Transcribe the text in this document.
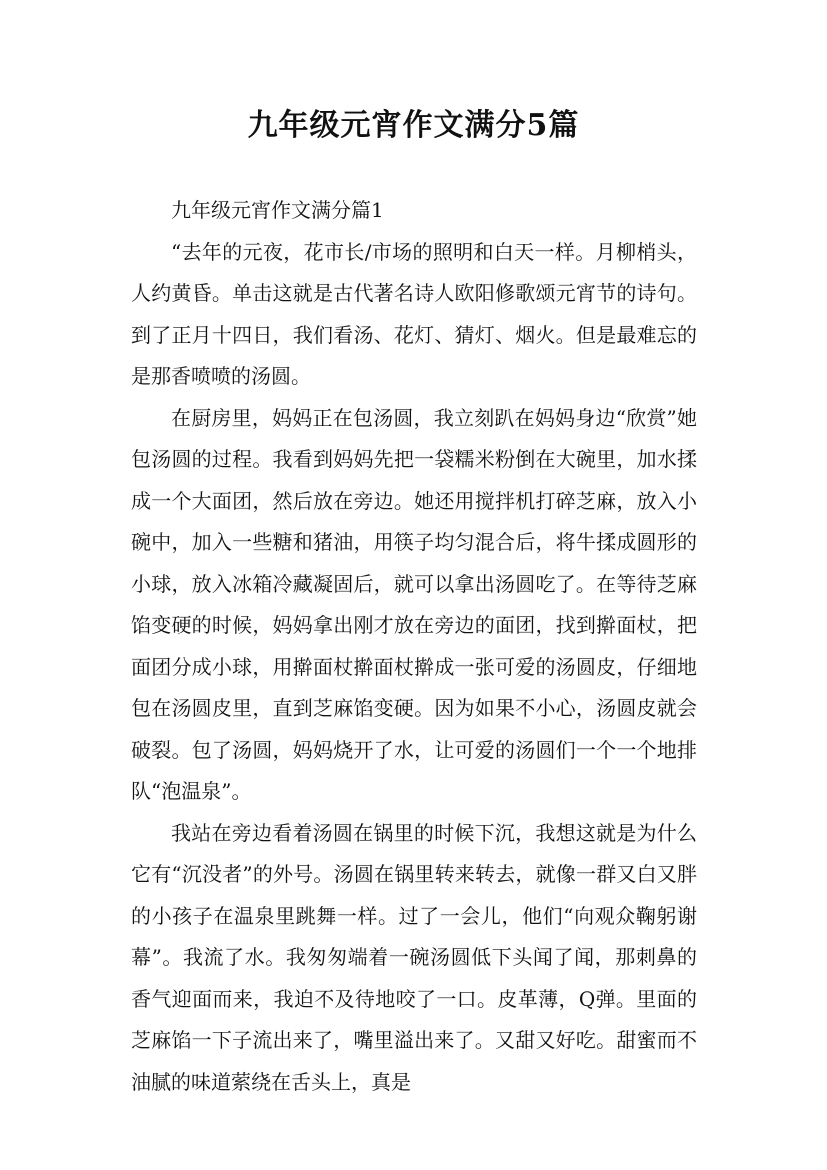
九年级元宵作文满分5篇

九年级元宵作文满分篇1

“去年的元夜，花市长/市场的照明和白天一样。月柳梢头，人约黄昏。单击这就是古代著名诗人欧阳修歌颂元宵节的诗句。到了正月十四日，我们看汤、花灯、猜灯、烟火。但是最难忘的是那香喷喷的汤圆。

在厨房里，妈妈正在包汤圆，我立刻趴在妈妈身边“欣赏”她包汤圆的过程。我看到妈妈先把一袋糯米粉倒在大碗里，加水揉成一个大面团，然后放在旁边。她还用搅拌机打碎芝麻，放入小碗中，加入一些糖和猪油，用筷子均匀混合后，将牛揉成圆形的小球，放入冰箱冷藏凝固后，就可以拿出汤圆吃了。在等待芝麻馅变硬的时候，妈妈拿出刚才放在旁边的面团，找到擀面杖，把面团分成小球，用擀面杖擀面杖擀成一张可爱的汤圆皮，仔细地包在汤圆皮里，直到芝麻馅变硬。因为如果不小心，汤圆皮就会破裂。包了汤圆，妈妈烧开了水，让可爱的汤圆们一个一个地排队“泡温泉”。

我站在旁边看着汤圆在锅里的时候下沉，我想这就是为什么它有“沉没者”的外号。汤圆在锅里转来转去，就像一群又白又胖的小孩子在温泉里跳舞一样。过了一会儿，他们“向观众鞠躬谢幕”。我流了水。我匆匆端着一碗汤圆低下头闻了闻，那刺鼻的香气迎面而来，我迫不及待地咬了一口。皮革薄，Q弹。里面的芝麻馅一下子流出来了，嘴里溢出来了。又甜又好吃。甜蜜而不油腻的味道萦绕在舌头上，真是
